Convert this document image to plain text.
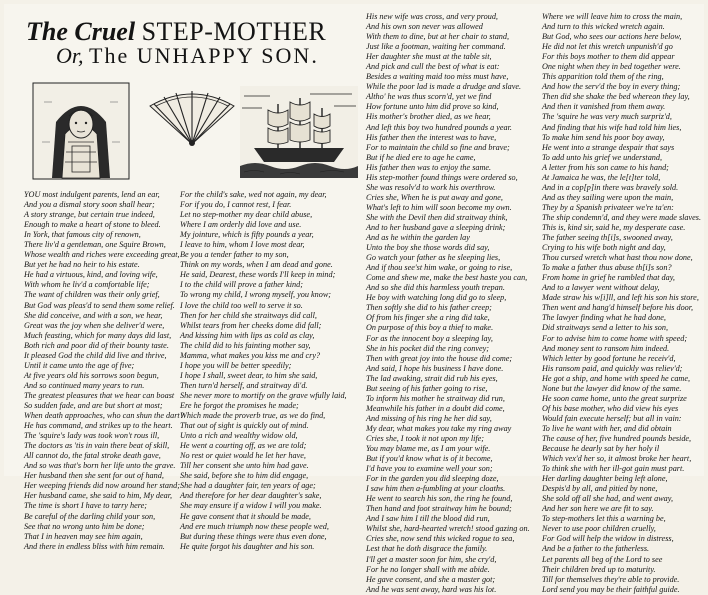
The Cruel STEP-MOTHER
Or, The UNHAPPY SON.
YOU most indulgent parents, lend an ear,
And you a dismal story soon shall hear;
A story strange, but certain true indeed,
Enough to make a heart of stone to bleed.
In York, that famous city of renown,
There liv'd a gentleman, one Squire Brown,
Whose wealth and riches were exceeding great,
But yet he had no heir to his estate.
He had a virtuous, kind, and loving wife,
With whom he liv'd a comfortable life;
The want of children was their only grief,
But God was pleas'd to send them some relief.
She did conceive, and with a son, we hear,
Great was the joy when she deliver'd were,
Much feasting, which for many days did last,
Both rich and poor did of their bounty taste.
It pleased God the child did live and thrive,
Until it came unto the age of five;
At five years old his sorrows soon begun,
And so continued many years to run.
The greatest pleasures that we hear can boast
So sudden fade, and are but short at most;
When death approaches, who can shun the dart?
He has command, and strikes up to the heart.
The 'squire's lady was took won't rous ill,
The doctors as 'tis in vain there beat of skill,
All cannot do, the fatal stroke death gave,
And so was that's born her life unto the grave.
Her husband then she sent for out of hand,
Her weeping friends did now around her stand;
Her husband came, she said to him, My dear,
The time is short I have to tarry here;
Be careful of the darling child your son,
See that no wrong unto him be done;
That I in heaven may see him again,
And there in endless bliss with him remain.
For the child's sake, wed not again, my dear,
For if you do, I cannot rest, I fear.
Let no step-mother my dear child abuse,
Where I am orderly did love and use.
My jointure, which is fifty pounds a year,
I leave to him, whom I love most dear,
Be you a tender father to my son,
Think on my words, when I am dead and gone.
He said, Dearest, these words I'll keep in mind;
I to the child will prove a father kind;
To wrong my child, I wrong myself, you know;
I love the child too well to serve it so.
Then for her child she straitways did call,
Whilst tears from her cheeks dome did fall;
And kissing him with lips as cold as clay,
The child did to his fainting mother say,
Mamma, what makes you kiss me and cry?
I hope you will be better speedily;
I hope I shall, sweet dear, to him she said,
Then turn'd herself, and straitway di'd.
She never more to mortify on the grave wfully laid,
Ere he forgot the promises he made;
Which made the proverb true, as we do find,
That out of sight is quickly out of mind.
Unto a rich and wealthy widow old,
He went a courting off, as we are told;
No rest or quiet would he let her have,
Till her consent she unto him had gave.
She said, before she to him did engage,
She had a daughter fair, ten years of age;
And therefore for her dear daughter's sake,
She may ensure if a widow I will you make.
He gave consent that it should be made,
And ere much triumph now these people wed,
But during these things were thus even done,
He quite forgot his daughter and his son.
His new wife was cross, and very proud,
And his own son never was allowed
With them to dine, but at her chair to stand,
Just like a footman, waiting her command.
Her daughter she must at the table sit,
And pick and cull the best of what is eat:
Besides a waiting maid too miss must have,
While the poor lad is made a drudge and slave.
Altho' he was thus scorn'd, yet we find
How fortune unto him did prove so kind,
His mother's brother died, as we hear,
And left this boy two hundred pounds a year.
His father then the interest was to have,
For to maintain the child so fine and brave;
But if he died ere to age he came,
His father then was to enjoy the same.
His step-mother found things were ordered so,
She was resolv'd to work his overthrow.
Cries she, When he is put away and gone,
What's left to him will soon become my own.
She with the Devil then did straitway think,
And to her husband gave a sleeping drink;
And as he within the garden lay
Unto the boy she those words did say,
Go watch your father as he sleeping lies,
And if thou see'st him wake, or going to rise,
Come and shew me, make the best haste you can,
And so she did this harmless youth trepan.
He boy with watching long did go to sleep,
Then softly she did to his father creep;
Of from his finger she a ring did take,
On purpose of this boy a thief to make.
For as the innocent boy a sleeping lay,
She in his pocket did the ring convey;
Then with great joy into the house did come;
And said, I hope his business I have done.
The lad awaking, strait did rub his eyes,
But seeing of his father going to rise,
To inform his mother he straitway did run,
Meanwhile his father in a doubt did come,
And missing of his ring he her did say,
My dear, what makes you take my ring away
Cries she, I took it not upon my life;
You may blame me, as I am your wife.
But if you'd know what is of it become,
I'd have you to examine well your son;
For in the garden you did sleeping doze,
I saw him then a-fumbling at your cloaths.
He went to search his son, the ring he found,
Then hand and foot straitway him he bound;
And I saw him I till the blood did run,
Whilst she, hard-hearted wretch! stood gazing on.
Cries she, now send this wicked rogue to sea,
Lest that he doth disgrace the family.
I'll get a master soon for him, she cry'd,
For he no longer shall with me abide.
He gave consent, and she a master got;
And he was sent away, hard was his lot.
Where we will leave him to cross the main,
And turn to this wicked wretch again.
But God, who sees our actions here below,
He did not let this wretch unpunish'd go
For this boys mother to them did appear
One night when they in bed together were.
This apparition told them of the ring,
And how the serv'd the boy in every thing;
Then did she shake the bed whereon they lay,
And then it vanished from them away.
The 'squire he was very much surpriz'd,
And finding that his wife had told him lies,
To make him send his poor boy away,
He went into a strange despair that says
To add unto his grief we understand,
A letter from his son came to his hand;
At Jamaica he was, the le[t]ter told,
And in a cop[p]in there was bravely sold.
And as they sailing were upon the main,
They by a Spanish privateer we're ta'en:
The ship condemn'd, and they were made slaves.
This is, kind sir, said he, my desperate case.
The father seeing th[i]s, swooned away,
Crying to his wife both night and day,
Thou cursed wretch what hast thou now done,
To make a father thus abuse th[i]s son?
From home in grief he rambled that day,
And to a lawyer went without delay,
Made straw his w[i]ll, and left his son his store,
Then went and hang'd himself before his door,
The lawyer finding what he had done,
Did straitways send a letter to his son,
For to advise him to come home with speed;
And money sent to ransom him indeed.
Which letter by good fortune he receiv'd,
His ransom paid, and quickly was reliev'd;
He got a ship, and home with speed he came,
None but the lawyer did know of the same.
He soon came home, unto the great surprize
Of his base mother, who did view his eyes
Would fain execute herself; but all in vain:
To live he want with her, and did obtain
The cause of her, five hundred pounds beside,
Because he dearly sat by her holy il
Which vex'd her so, it almost broke her heart,
To think she with her ill-got gain must part.
Her darling daughter being left alone,
Despis'd by all, and pitied by none,
She sold off all she had, and went away,
And her son here we are fit to say.
To step-mothers let this a warning be,
Never to use poor children cruelly,
For God will help the widow in distress,
And be a father to the fatherless.
Let parents all beg of the Lord to see
Their children bred up to maturity.
Till for themselves they're able to provide.
Lord send you may be their faithful guide.
